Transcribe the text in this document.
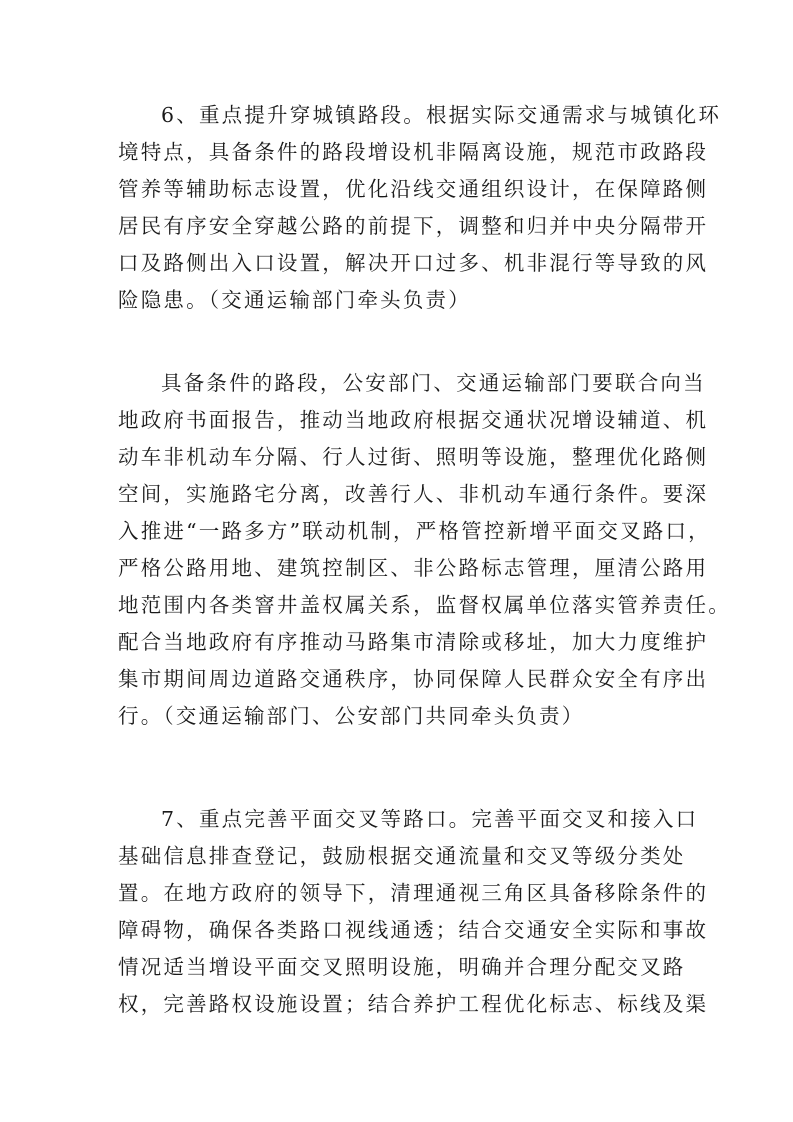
6、重点提升穿城镇路段。根据实际交通需求与城镇化环
境特点，具备条件的路段增设机非隔离设施，规范市政路段
管养等辅助标志设置，优化沿线交通组织设计，在保障路侧
居民有序安全穿越公路的前提下，调整和归并中央分隔带开
口及路侧出入口设置，解决开口过多、机非混行等导致的风
险隐患。（交通运输部门牵头负责）
具备条件的路段，公安部门、交通运输部门要联合向当
地政府书面报告，推动当地政府根据交通状况增设辅道、机
动车非机动车分隔、行人过街、照明等设施，整理优化路侧
空间，实施路宅分离，改善行人、非机动车通行条件。要深
入推进“一路多方”联动机制，严格管控新增平面交叉路口，
严格公路用地、建筑控制区、非公路标志管理，厘清公路用
地范围内各类窨井盖权属关系，监督权属单位落实管养责任。
配合当地政府有序推动马路集市清除或移址，加大力度维护
集市期间周边道路交通秩序，协同保障人民群众安全有序出
行。（交通运输部门、公安部门共同牵头负责）
7、重点完善平面交叉等路口。完善平面交叉和接入口
基础信息排查登记，鼓励根据交通流量和交叉等级分类处
置。在地方政府的领导下，清理通视三角区具备移除条件的
障碍物，确保各类路口视线通透；结合交通安全实际和事故
情况适当增设平面交叉照明设施，明确并合理分配交叉路
权，完善路权设施设置；结合养护工程优化标志、标线及渠
